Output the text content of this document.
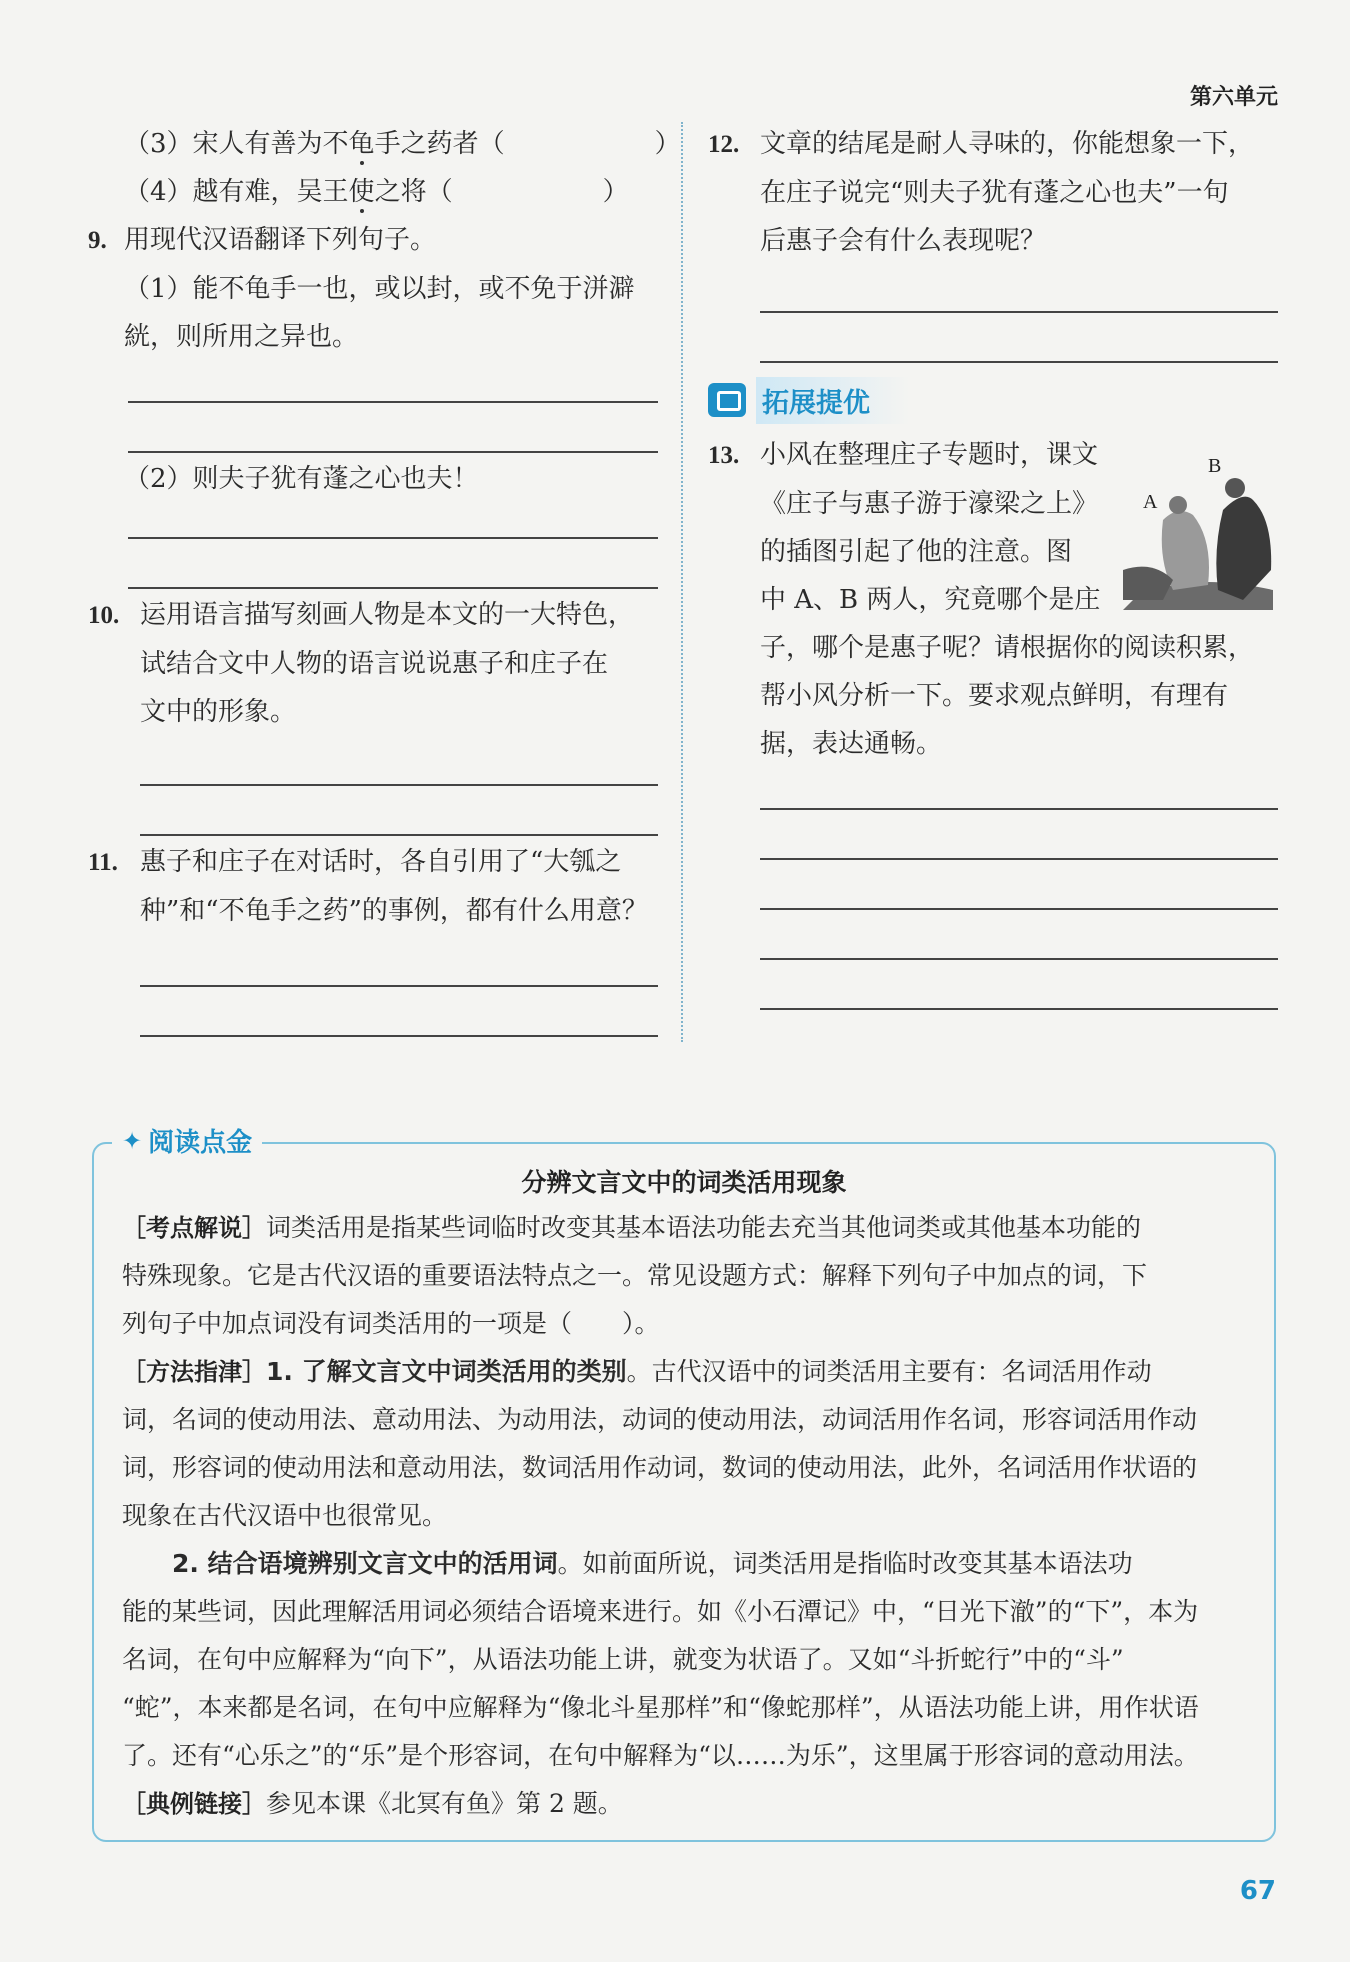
第六单元
（3）宋人有善为不龟手之药者（	）
（4）越有难，吴王使之将（	）
9. 用现代汉语翻译下列句子。
（1）能不龟手一也，或以封，或不免于洴澼
絖，则所用之异也。
（2）则夫子犹有蓬之心也夫！
10. 运用语言描写刻画人物是本文的一大特色，
试结合文中人物的语言说说惠子和庄子在
文中的形象。
11. 惠子和庄子在对话时，各自引用了“大瓠之
种”和“不龟手之药”的事例，都有什么用意？
12. 文章的结尾是耐人寻味的，你能想象一下，
在庄子说完“则夫子犹有蓬之心也夫”一句
后惠子会有什么表现呢？
拓展提优
13. 小风在整理庄子专题时，课文
《庄子与惠子游于濠梁之上》
的插图引起了他的注意。图
中 A、B 两人，究竟哪个是庄
子，哪个是惠子呢？请根据你的阅读积累，
帮小风分析一下。要求观点鲜明，有理有
据，表达通畅。
A
B
✦ 阅读点金
分辨文言文中的词类活用现象
［考点解说］词类活用是指某些词临时改变其基本语法功能去充当其他词类或其他基本功能的
特殊现象。它是古代汉语的重要语法特点之一。常见设题方式：解释下列句子中加点的词，下
列句子中加点词没有词类活用的一项是（　　）。
［方法指津］1. 了解文言文中词类活用的类别。古代汉语中的词类活用主要有：名词活用作动
词，名词的使动用法、意动用法、为动用法，动词的使动用法，动词活用作名词，形容词活用作动
词，形容词的使动用法和意动用法，数词活用作动词，数词的使动用法，此外，名词活用作状语的
现象在古代汉语中也很常见。
2. 结合语境辨别文言文中的活用词。如前面所说，词类活用是指临时改变其基本语法功
能的某些词，因此理解活用词必须结合语境来进行。如《小石潭记》中，“日光下澈”的“下”，本为
名词，在句中应解释为“向下”，从语法功能上讲，就变为状语了。又如“斗折蛇行”中的“斗”
“蛇”，本来都是名词，在句中应解释为“像北斗星那样”和“像蛇那样”，从语法功能上讲，用作状语
了。还有“心乐之”的“乐”是个形容词，在句中解释为“以……为乐”，这里属于形容词的意动用法。
［典例链接］参见本课《北冥有鱼》第 2 题。
67
